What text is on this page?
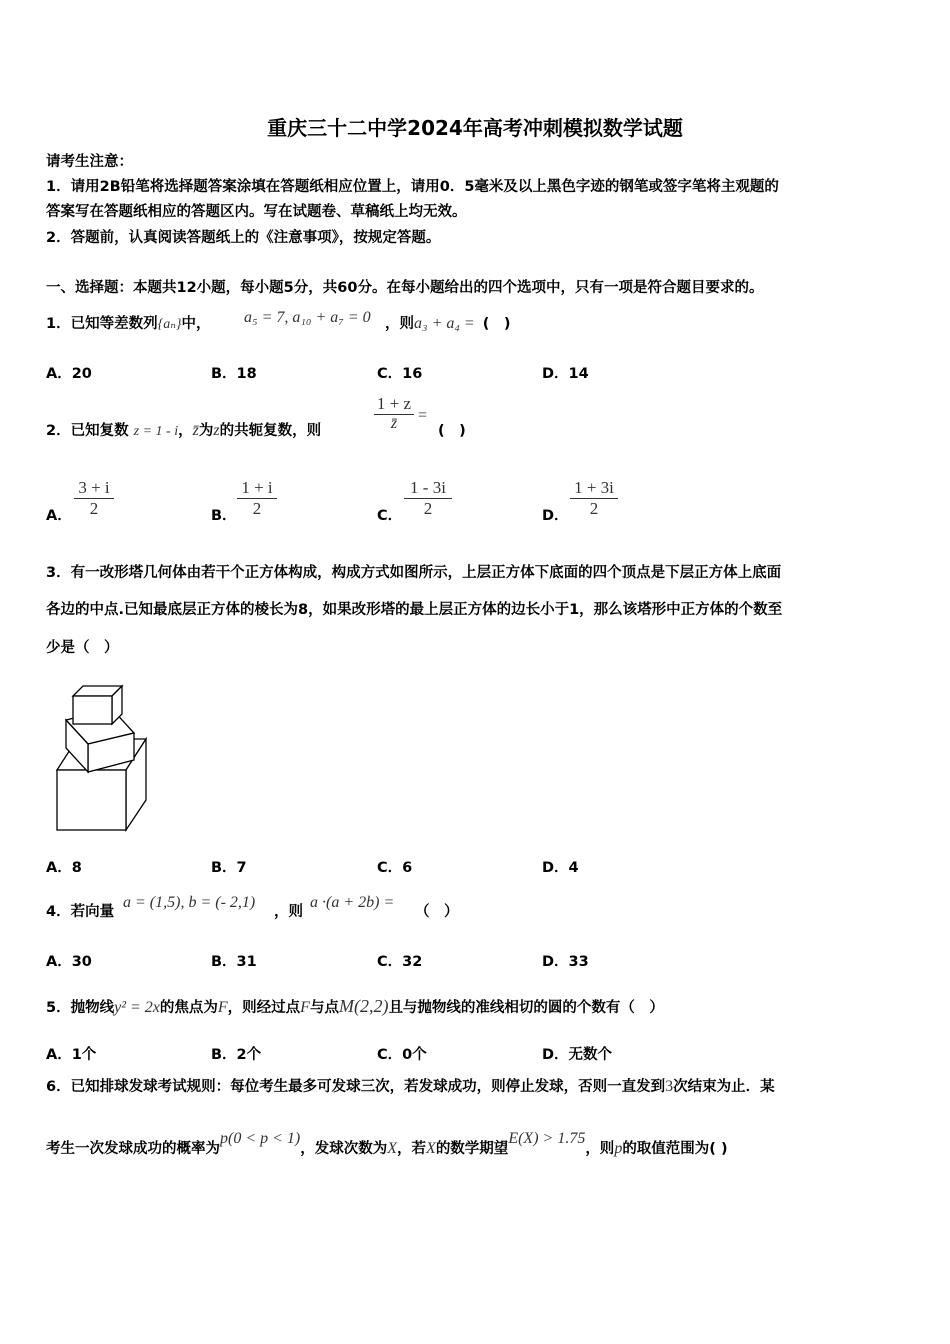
重庆三十二中学2024年高考冲刺模拟数学试题
请考生注意：
1．请用2B铅笔将选择题答案涂填在答题纸相应位置上，请用0．5毫米及以上黑色字迹的钢笔或签字笔将主观题的
答案写在答题纸相应的答题区内。写在试题卷、草稿纸上均无效。
2．答题前，认真阅读答题纸上的《注意事项》，按规定答题。
一、选择题：本题共12小题，每小题5分，共60分。在每小题给出的四个选项中，只有一项是符合题目要求的。
1．已知等差数列{aₙ}中， a₅ = 7, a₁₀ + a₇ = 0 ，则a₃ + a₄ = (　)
A．20	B．18	C．16	D．14
2．已知复数 z = 1 - i，z̄为z的共轭复数，则
1 + z
z̄	=
(　)
A．
3 + i
2	B．
1 + i
2	C．
1 - 3i
2	D．
1 + 3i
2
3．有一改形塔几何体由若干个正方体构成，构成方式如图所示，上层正方体下底面的四个顶点是下层正方体上底面
各边的中点.已知最底层正方体的棱长为8，如果改形塔的最上层正方体的边长小于1，那么该塔形中正方体的个数至
少是（　）
A．8	B．7	C．6	D．4
4．若向量
a = (1,5), b = (- 2,1)
，则
a ·(a + 2b) =
（　）
A．30	B．31	C．32	D．33
5．抛物线y² = 2x的焦点为F，则经过点F与点M(2,2)且与抛物线的准线相切的圆的个数有（　）
A．1个	B．2个	C．0个	D．无数个
6．已知排球发球考试规则：每位考生最多可发球三次，若发球成功，则停止发球，否则一直发到3次结束为止．某
考生一次发球成功的概率为p(0 < p < 1)，发球次数为X，若X的数学期望E(X) > 1.75，则p的取值范围为( )
